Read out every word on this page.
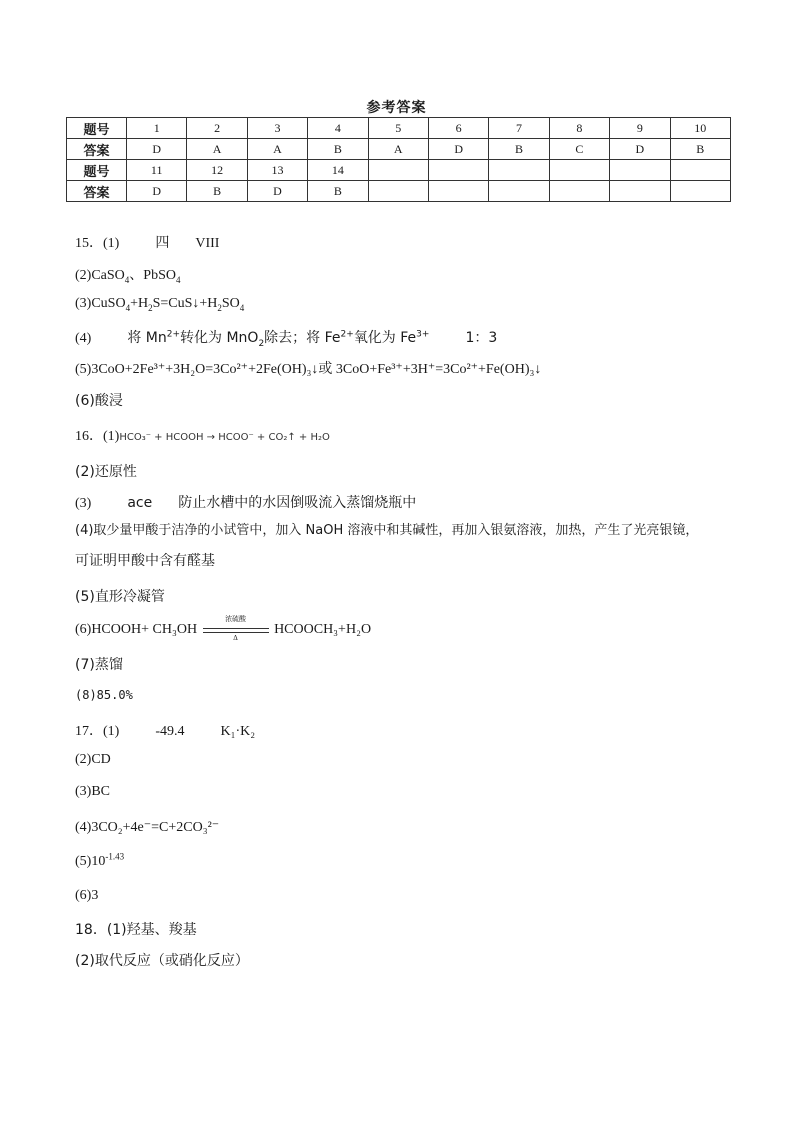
参考答案
题号	1	2	3	4	5	6	7	8	9	10
答案	D	A	A	B	A	D	B	C	D	B
题号	11	12	13	14						
答案	D	B	D	B						
15．(1)	四 VIII
(2)CaSO$_4$、PbSO$_4$
$(3)CuSO_4+H_2S=CuS↓+H_2SO_4$
(4)	将 $Mn^{2+}$转化为 MnO$_2$除去；将 $Fe^{2+}$氧化为 $Fe^{3+}$	1：3
(5)3CoO+2Fe³⁺+3H₂O=3Co²⁺+2Fe(OH)₃↓或 3CoO+Fe³⁺+3H⁺=3Co²⁺+Fe(OH)₃↓
(6)酸浸
16．(1)HCO₃⁻ + HCOOH → HCOO⁻ + CO₂↑ + H₂O
(2)还原性
(3)	ace 防止水槽中的水因倒吸流入蒸馏烧瓶中
(4)取少量甲酸于洁净的小试管中，加入 NaOH 溶液中和其碱性，再加入银氨溶液，加热，产生了光亮银镜，
可证明甲酸中含有醛基
(5)直形冷凝管
(6)HCOOH+ CH₃OH
浓硫酸
Δ
HCOOCH₃+H₂O
(7)蒸馏
(8)85.0%
17．(1)	-49.4	K₁·K₂
(2)CD
(3)BC
(4)3CO₂+4e⁻=C+2CO₃²⁻
$(5)10^{-1.43}$
(6)3
18．(1)羟基、羧基
(2)取代反应（或硝化反应）
